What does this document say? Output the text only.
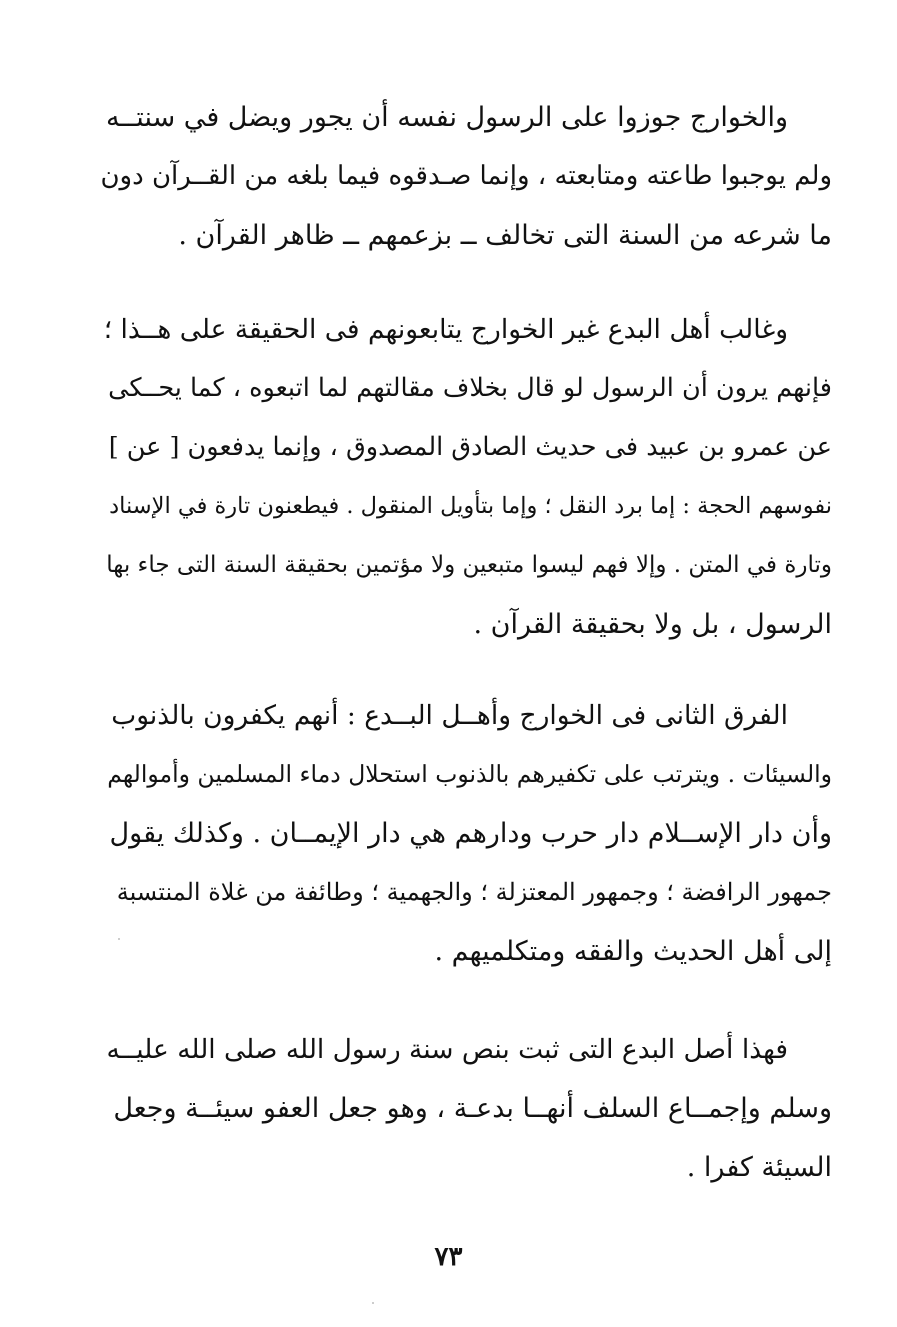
والخوارج جوزوا على الرسول نفسه أن يجور ويضل في سنتــه
ولم يوجبوا طاعته ومتابعته ، وإنما صـدقوه فيما بلغه من القــرآن دون
ما شرعه من السنة التى تخالف ــ بزعمهم ــ ظاهر القرآن .
وغالب أهل البدع غير الخوارج يتابعونهم فى الحقيقة على هــذا ؛
فإنهم يرون أن الرسول لو قال بخلاف مقالتهم لما اتبعوه ، كما يحــكى
عن عمرو بن عبيد فى حديث الصادق المصدوق ، وإنما يدفعون [ عن ]
نفوسهم الحجة : إما برد النقل ؛ وإما بتأويل المنقول . فيطعنون تارة في الإسناد
وتارة في المتن . وإلا فهم ليسوا متبعين ولا مؤتمين بحقيقة السنة التى جاء بها
الرسول ، بل ولا بحقيقة القرآن .
الفرق الثانى فى الخوارج وأهــل البــدع : أنهم يكفرون بالذنوب
والسيئات . ويترتب على تكفيرهم بالذنوب استحلال دماء المسلمين وأموالهم
وأن دار الإســلام دار حرب ودارهم هي دار الإيمــان . وكذلك يقول
جمهور الرافضة ؛ وجمهور المعتزلة ؛ والجهمية ؛ وطائفة من غلاة المنتسبة
إلى أهل الحديث والفقه ومتكلميهم .
فهذا أصل البدع التى ثبت بنص سنة رسول الله صلى الله عليــه
وسلم وإجمــاع السلف أنهــا بدعـة ، وهو جعل العفو سيئــة وجعل
السيئة كفرا .
٧٣
